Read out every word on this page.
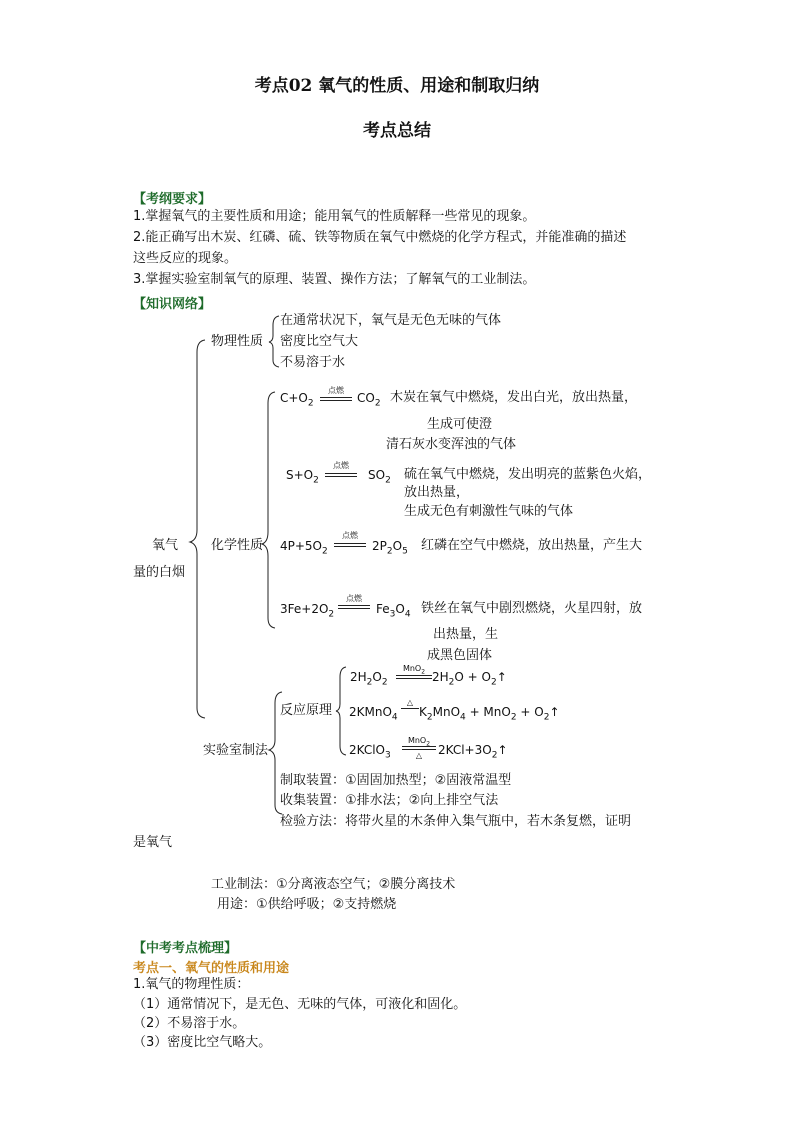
考点02 氧气的性质、用途和制取归纳
考点总结
【考纲要求】
1.掌握氧气的主要性质和用途；能用氧气的性质解释一些常见的现象。
2.能正确写出木炭、红磷、硫、铁等物质在氧气中燃烧的化学方程式，并能准确的描述
这些反应的现象。
3.掌握实验室制氧气的原理、装置、操作方法；了解氧气的工业制法。
【知识网络】
氧气
量的白烟
物理性质
在通常状况下，氧气是无色无味的气体
密度比空气大
不易溶于水
化学性质
$C+O_2$
点燃
$CO_2$ 木炭在氧气中燃烧，发出白光，放出热量，
生成可使澄
清石灰水变浑浊的气体
$S+O_2$
点燃
$SO_2$ 硫在氧气中燃烧，发出明亮的蓝紫色火焰，
放出热量，
生成无色有刺激性气味的气体
$4P+5O_2$
点燃
$2P_2O_5$ 红磷在空气中燃烧，放出热量，产生大
$3Fe+2O_2$
点燃
$Fe_3O_4$ 铁丝在氧气中剧烈燃烧，火星四射，放
出热量，生
成黑色固体
实验室制法
反应原理
$2H_2O_2$
MnO$_2$ $2H_2O$ + $O_2↑$
2KMnO$_4$
△
$K_2MnO_4 + MnO_2$ + $O_2↑$
2KClO$_3$
MnO$_2$
△	$2KCl+3O_2↑$
制取装置：①固固加热型；②固液常温型
收集装置：①排水法；②向上排空气法
检验方法：将带火星的木条伸入集气瓶中，若木条复燃，证明
是氧气
工业制法：①分离液态空气；②膜分离技术
用途：①供给呼吸；②支持燃烧
【中考考点梳理】
考点一、氧气的性质和用途
1.氧气的物理性质：
（1）通常情况下，是无色、无味的气体，可液化和固化。
（2）不易溶于水。
（3）密度比空气略大。
